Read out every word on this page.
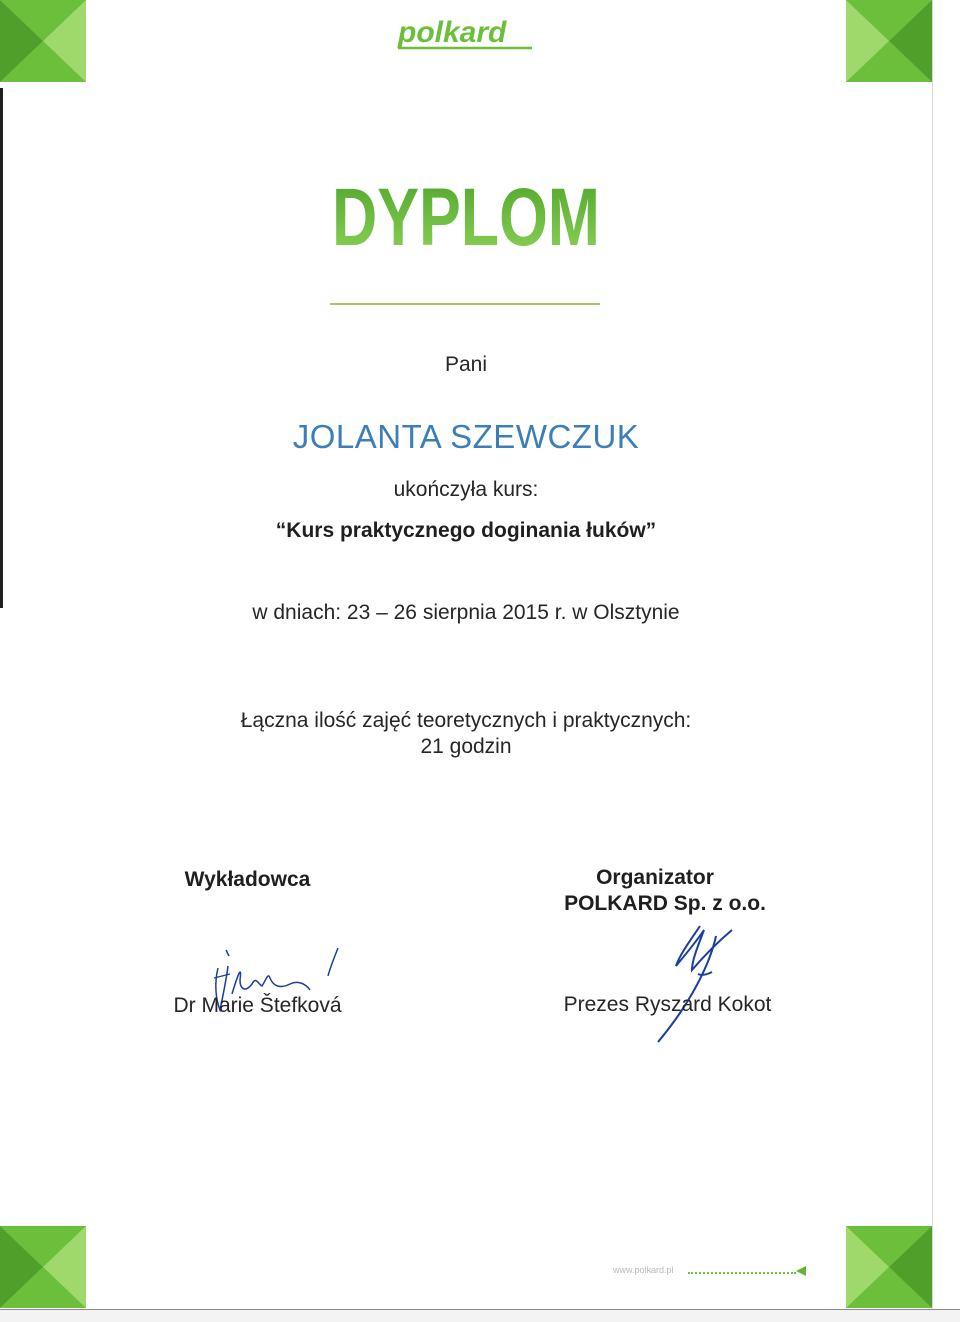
polkard
DYPLOM
Pani
JOLANTA SZEWCZUK
ukończyła kurs:
“Kurs praktycznego doginania łuków”
w dniach: 23 – 26 sierpnia 2015 r. w Olsztynie
Łączna ilość zajęć teoretycznych i praktycznych:
21 godzin
Wykładowca
Dr Marie Štefková
Organizator
POLKARD Sp. z o.o.
Prezes Ryszard Kokot
www.polkard.pl
